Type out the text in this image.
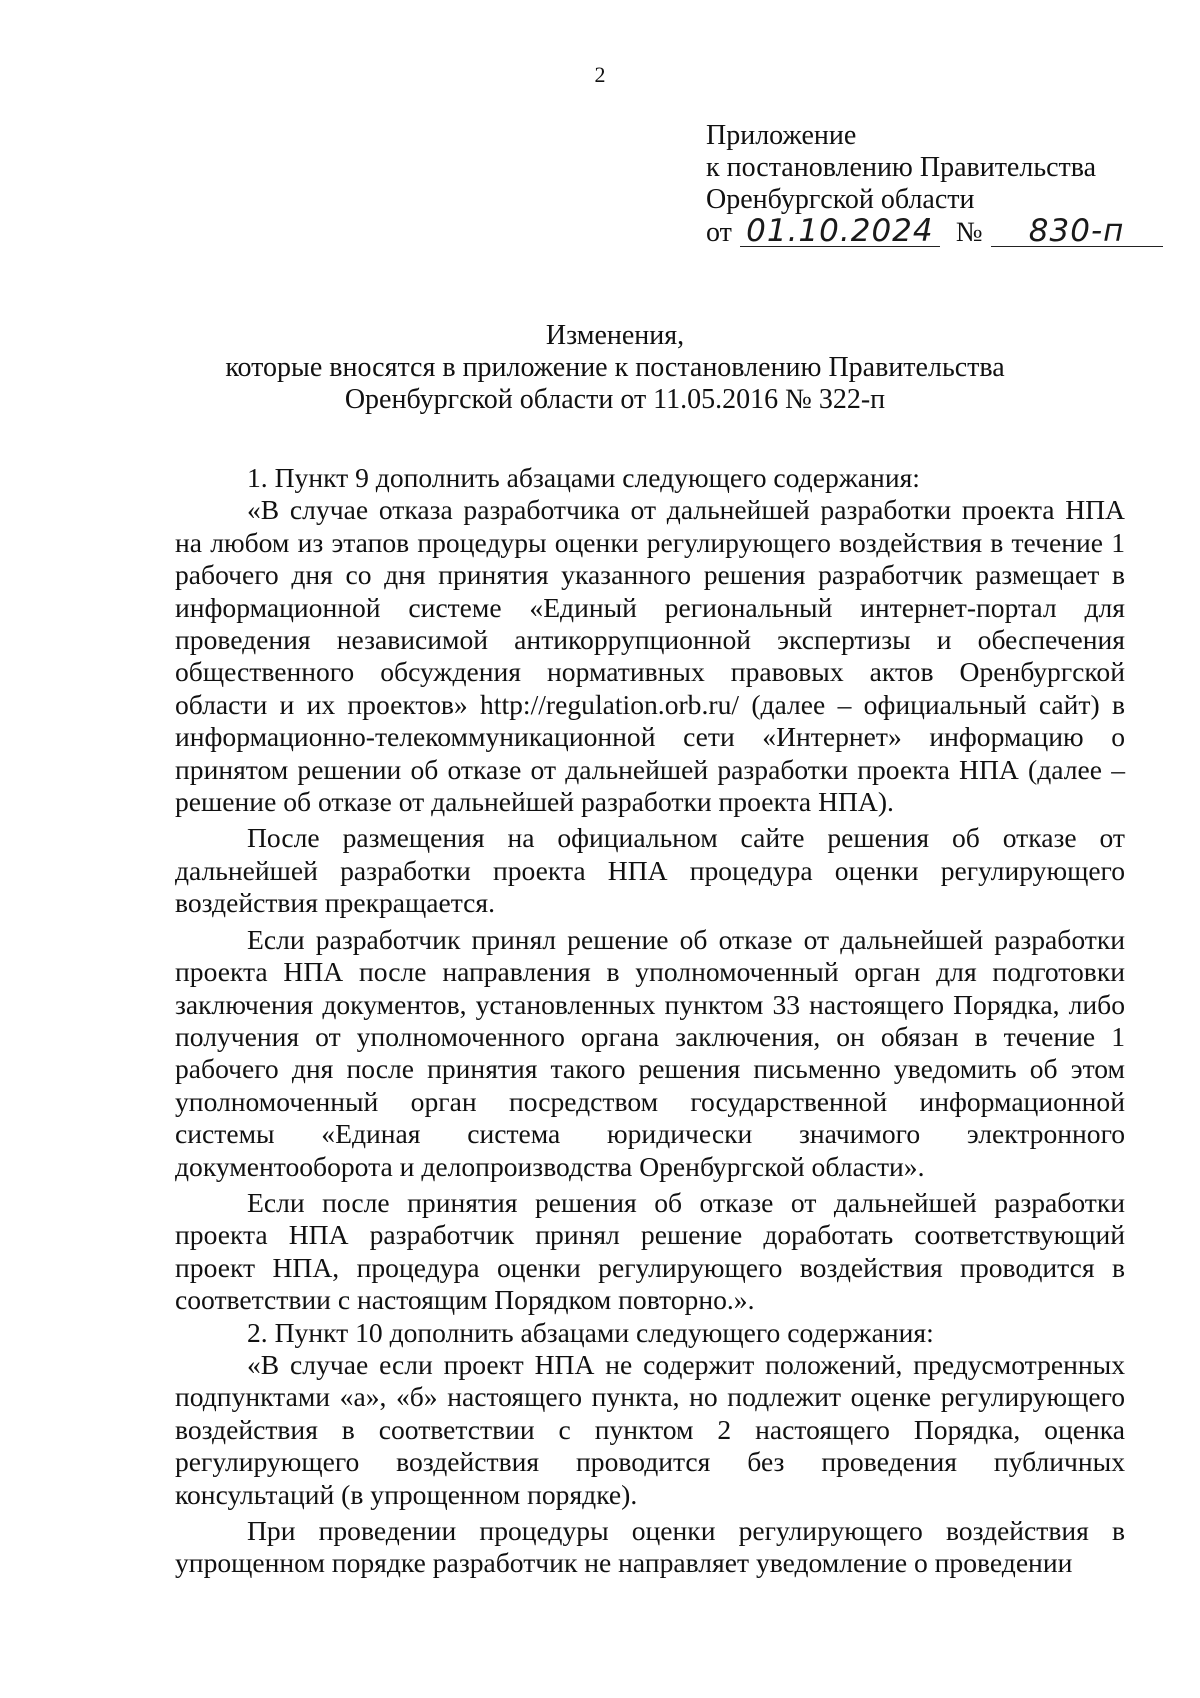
2
Приложение
к постановлению Правительства
Оренбургской области
от 01.10.2024 №	830-п
Изменения,
которые вносятся в приложение к постановлению Правительства
Оренбургской области от 11.05.2016 № 322-п

1. Пункт 9 дополнить абзацами следующего содержания:

«В случае отказа разработчика от дальнейшей разработки проекта НПА на любом из этапов процедуры оценки регулирующего воздействия в течение 1 рабочего дня со дня принятия указанного решения разработчик размещает в информационной системе «Единый региональный интернет-портал для проведения независимой антикоррупционной экспертизы и обеспечения общественного обсуждения нормативных правовых актов Оренбургской области и их проектов» http://regulation.orb.ru/ (далее – официальный сайт) в информационно-телекоммуникационной сети «Интернет» информацию о принятом решении об отказе от дальнейшей разработки проекта НПА (далее – решение об отказе от дальнейшей разработки проекта НПА).

После размещения на официальном сайте решения об отказе от дальнейшей разработки проекта НПА процедура оценки регулирующего воздействия прекращается.

Если разработчик принял решение об отказе от дальнейшей разработки проекта НПА после направления в уполномоченный орган для подготовки заключения документов, установленных пунктом 33 настоящего Порядка, либо получения от уполномоченного органа заключения, он обязан в течение 1 рабочего дня после принятия такого решения письменно уведомить об этом уполномоченный орган посредством государственной информационной системы «Единая система юридически значимого электронного документооборота и делопроизводства Оренбургской области».

Если после принятия решения об отказе от дальнейшей разработки проекта НПА разработчик принял решение доработать соответствующий проект НПА, процедура оценки регулирующего воздействия проводится в соответствии с настоящим Порядком повторно.».

2. Пункт 10 дополнить абзацами следующего содержания:

«В случае если проект НПА не содержит положений, предусмотренных подпунктами «а», «б» настоящего пункта, но подлежит оценке регулирующего воздействия в соответствии с пунктом 2 настоящего Порядка, оценка регулирующего воздействия проводится без проведения публичных консультаций (в упрощенном порядке).

При проведении процедуры оценки регулирующего воздействия в упрощенном порядке разработчик не направляет уведомление о проведении
